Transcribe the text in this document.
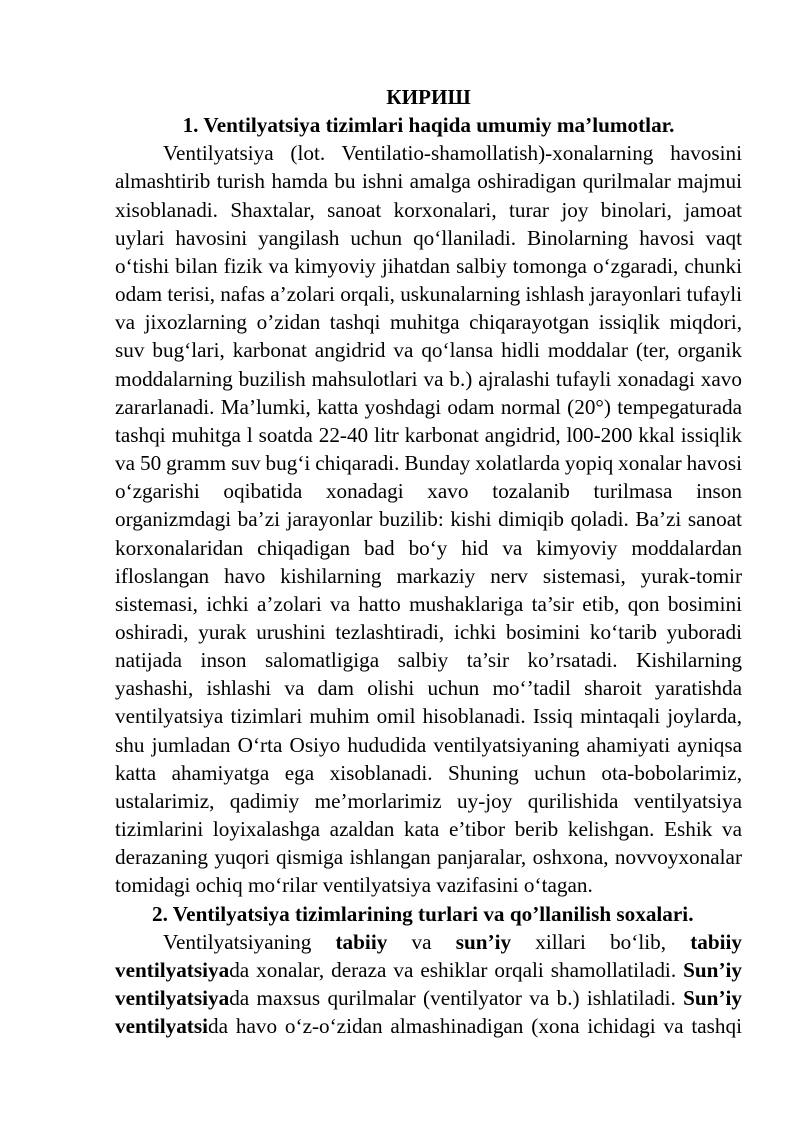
КИРИШ
1. Ventilyatsiya tizimlari haqida umumiy ma’lumotlar.
Ventilyatsiya (lot. Ventilatio-shamollatish)-xonalarning havosini
almashtirib turish hamda bu ishni amalga oshiradigan qurilmalar majmui
xisoblanadi. Shaxtalar, sanoat korxonalari, turar joy binolari, jamoat
uylari havosini yangilash uchun qo‘llaniladi. Binolarning havosi vaqt
o‘tishi bilan fizik va kimyoviy jihatdan salbiy tomonga o‘zgaradi, chunki
odam terisi, nafas a’zolari orqali, uskunalarning ishlash jarayonlari tufayli
va jixozlarning o’zidan tashqi muhitga chiqarayotgan issiqlik miqdori,
suv bug‘lari, karbonat angidrid va qo‘lansa hidli moddalar (ter, organik
moddalarning buzilish mahsulotlari va b.) ajralashi tufayli xonadagi xavo
zararlanadi. Ma’lumki, katta yoshdagi odam normal (20°) tempegaturada
tashqi muhitga l soatda 22-40 litr karbonat angidrid, l00-200 kkal issiqlik
va 50 gramm suv bug‘i chiqaradi. Bunday xolatlarda yopiq xonalar havosi
o‘zgarishi oqibatida xonadagi xavo tozalanib turilmasa inson
organizmdagi ba’zi jarayonlar buzilib: kishi dimiqib qoladi. Ba’zi sanoat
korxonalaridan chiqadigan bad bo‘y hid va kimyoviy moddalardan
ifloslangan havo kishilarning markaziy nerv sistemasi, yurak-tomir
sistemasi, ichki a’zolari va hatto mushaklariga ta’sir etib, qon bosimini
oshiradi, yurak urushini tezlashtiradi, ichki bosimini ko‘tarib yuboradi
natijada inson salomatligiga salbiy ta’sir ko’rsatadi. Kishilarning
yashashi, ishlashi va dam olishi uchun mo‘’tadil sharoit yaratishda
ventilyatsiya tizimlari muhim omil hisoblanadi. Issiq mintaqali joylarda,
shu jumladan O‘rta Osiyo hududida ventilyatsiyaning ahamiyati ayniqsa
katta ahamiyatga ega xisoblanadi. Shuning uchun ota-bobolarimiz,
ustalarimiz, qadimiy me’morlarimiz uy-joy qurilishida ventilyatsiya
tizimlarini loyixalashga azaldan kata e’tibor berib kelishgan. Eshik va
derazaning yuqori qismiga ishlangan panjaralar, oshxona, novvoyxonalar
tomidagi ochiq mo‘rilar ventilyatsiya vazifasini o‘tagan.
2. Ventilyatsiya tizimlarining turlari va qo’llanilish soxalari.
Ventilyatsiyaning tabiiy va sun’iy xillari bo‘lib, tabiiy
ventilyatsiyada xonalar, deraza va eshiklar orqali shamollatiladi. Sun’iy
ventilyatsiyada maxsus qurilmalar (ventilyator va b.) ishlatiladi. Sun’iy
ventilyatsida havo o‘z-o‘zidan almashinadigan (xona ichidagi va tashqi
